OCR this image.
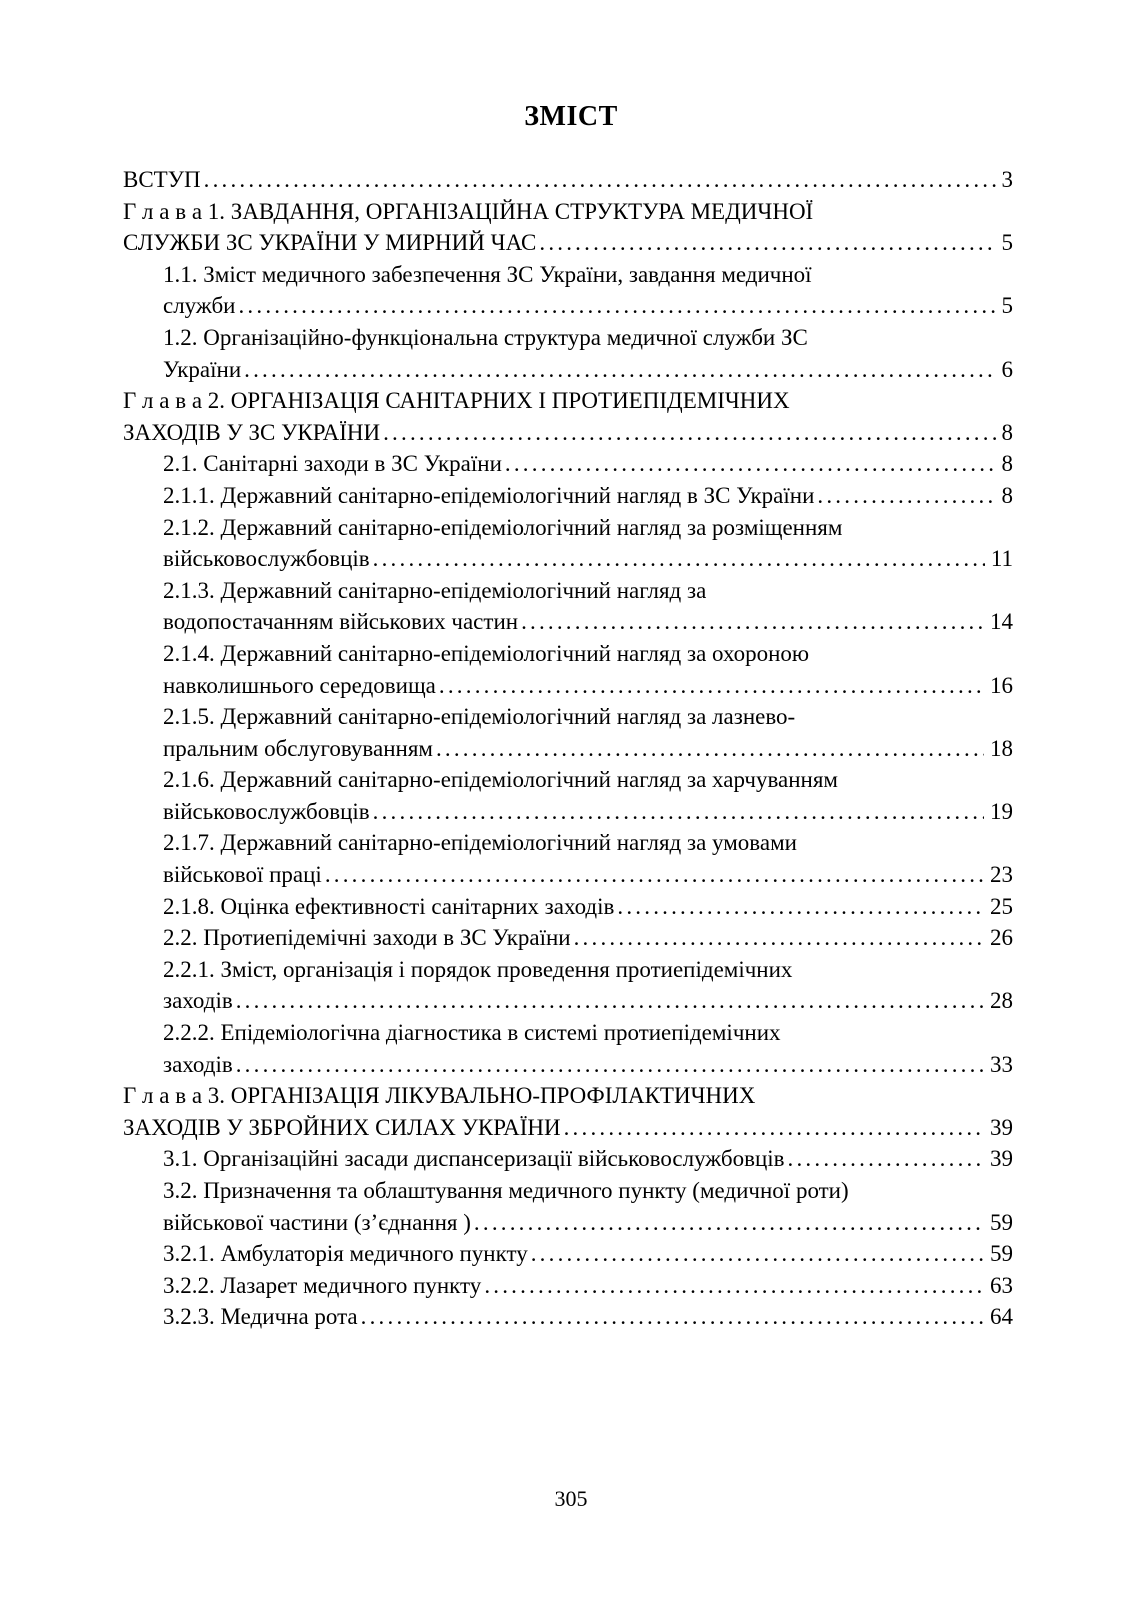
ЗМІСТ
ВСТУП .....	3
Г л а в а 1. ЗАВДАННЯ, ОРГАНІЗАЦІЙНА СТРУКТУРА МЕДИЧНОЇ
СЛУЖБИ ЗС УКРАЇНИ У МИРНИЙ ЧАС .....	5
1.1. Зміст медичного забезпечення ЗС України, завдання медичної
служби .....	5
1.2. Організаційно-функціональна структура медичної служби ЗС
України .....	6
Г л а в а 2. ОРГАНІЗАЦІЯ САНІТАРНИХ І ПРОТИЕПІДЕМІЧНИХ
ЗАХОДІВ У ЗС УКРАЇНИ .....	8
2.1. Санітарні заходи в ЗС України .....	8
2.1.1. Державний санітарно-епідеміологічний нагляд в ЗС України .....	8
2.1.2. Державний санітарно-епідеміологічний нагляд за розміщенням
військовослужбовців .....	11
2.1.3. Державний санітарно-епідеміологічний нагляд за
водопостачанням військових частин .....	14
2.1.4. Державний санітарно-епідеміологічний нагляд за охороною
навколишнього середовища .....	16
2.1.5. Державний санітарно-епідеміологічний нагляд за лазнево-
пральним обслуговуванням .....	18
2.1.6. Державний санітарно-епідеміологічний нагляд за харчуванням
військовослужбовців .....	19
2.1.7. Державний санітарно-епідеміологічний нагляд за умовами
військової праці .....	23
2.1.8. Оцінка ефективності санітарних заходів .....	25
2.2. Протиепідемічні заходи в ЗС України .....	26
2.2.1. Зміст, організація і порядок проведення протиепідемічних
заходів .....	28
2.2.2. Епідеміологічна діагностика в системі протиепідемічних
заходів .....	33
Г л а в а 3. ОРГАНІЗАЦІЯ ЛІКУВАЛЬНО-ПРОФІЛАКТИЧНИХ
ЗАХОДІВ У ЗБРОЙНИХ СИЛАХ УКРАЇНИ .....	39
3.1. Організаційні засади диспансеризації військовослужбовців .....	39
3.2. Призначення та облаштування медичного пункту (медичної роти)
військової частини (з’єднання ) .....	59
3.2.1. Амбулаторія медичного пункту .....	59
3.2.2. Лазарет медичного пункту .....	63
3.2.3. Медична рота .....	64
305
